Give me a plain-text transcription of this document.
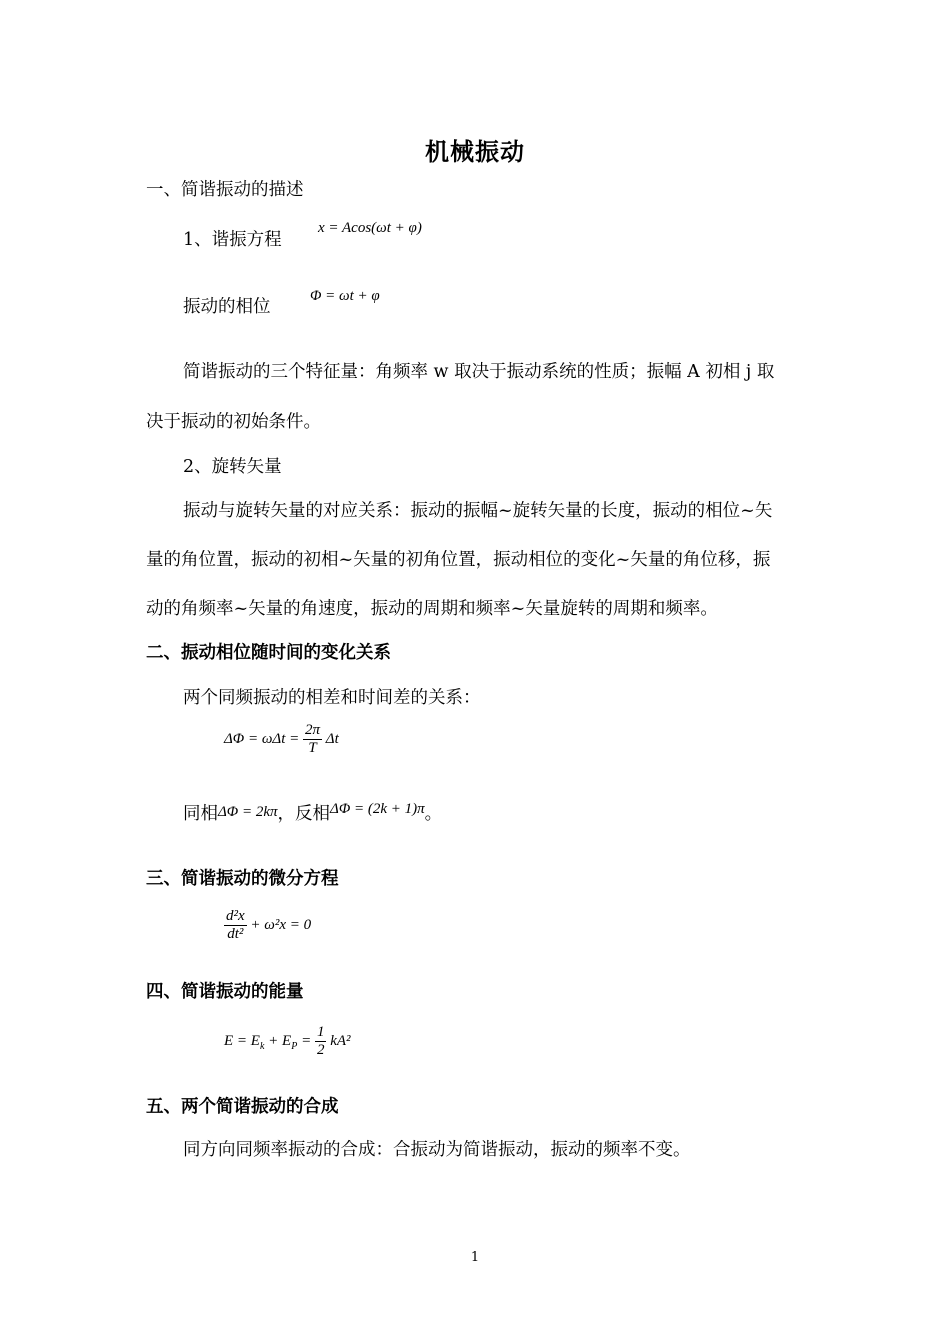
机械振动
一、简谐振动的描述
1、谐振方程
x = Acos(ωt + φ)
振动的相位
Φ = ωt + φ
简谐振动的三个特征量：角频率 w 取决于振动系统的性质；振幅 A 初相 j 取
决于振动的初始条件。
2、旋转矢量
振动与旋转矢量的对应关系：振动的振幅~旋转矢量的长度，振动的相位~矢
量的角位置，振动的初相~矢量的初角位置，振动相位的变化~矢量的角位移，振
动的角频率~矢量的角速度，振动的周期和频率~矢量旋转的周期和频率。
二、振动相位随时间的变化关系
两个同频振动的相差和时间差的关系：
$\Delta\Phi = \omega\Delta t = \frac{2\pi}{T}$ Δt
同相ΔΦ = 2kπ，反相ΔΦ = (2k + 1)π。
三、简谐振动的微分方程
$\frac{\text{d²x}}{\text{dt²}} + \omega^2x = 0$
四、简谐振动的能量
$E = E_k + E_P = \frac{1}{2} kA^2$
五、两个简谐振动的合成
同方向同频率振动的合成：合振动为简谐振动，振动的频率不变。
1
